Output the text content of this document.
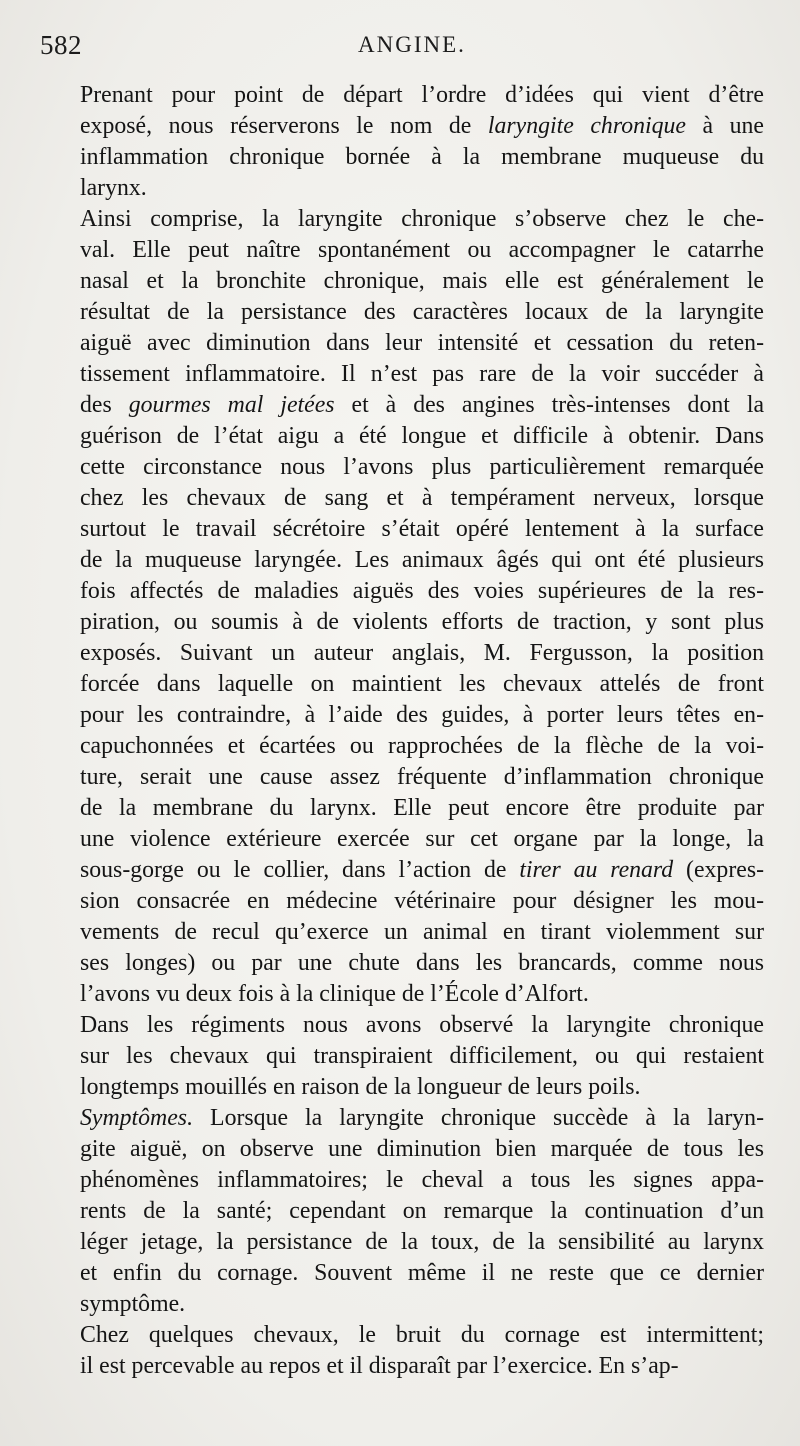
582	ANGINE.
Prenant pour point de départ l’ordre d’idées qui vient d’être
exposé, nous réserverons le nom de laryngite chronique à une
inflammation chronique bornée à la membrane muqueuse du
larynx.
Ainsi comprise, la laryngite chronique s’observe chez le che-
val. Elle peut naître spontanément ou accompagner le catarrhe
nasal et la bronchite chronique, mais elle est généralement le
résultat de la persistance des caractères locaux de la laryngite
aiguë avec diminution dans leur intensité et cessation du reten-
tissement inflammatoire. Il n’est pas rare de la voir succéder à
des gourmes mal jetées et à des angines très-intenses dont la
guérison de l’état aigu a été longue et difficile à obtenir. Dans
cette circonstance nous l’avons plus particulièrement remarquée
chez les chevaux de sang et à tempérament nerveux, lorsque
surtout le travail sécrétoire s’était opéré lentement à la surface
de la muqueuse laryngée. Les animaux âgés qui ont été plusieurs
fois affectés de maladies aiguës des voies supérieures de la res-
piration, ou soumis à de violents efforts de traction, y sont plus
exposés. Suivant un auteur anglais, M. Fergusson, la position
forcée dans laquelle on maintient les chevaux attelés de front
pour les contraindre, à l’aide des guides, à porter leurs têtes en-
capuchonnées et écartées ou rapprochées de la flèche de la voi-
ture, serait une cause assez fréquente d’inflammation chronique
de la membrane du larynx. Elle peut encore être produite par
une violence extérieure exercée sur cet organe par la longe, la
sous-gorge ou le collier, dans l’action de tirer au renard (expres-
sion consacrée en médecine vétérinaire pour désigner les mou-
vements de recul qu’exerce un animal en tirant violemment sur
ses longes) ou par une chute dans les brancards, comme nous
l’avons vu deux fois à la clinique de l’École d’Alfort.
Dans les régiments nous avons observé la laryngite chronique
sur les chevaux qui transpiraient difficilement, ou qui restaient
longtemps mouillés en raison de la longueur de leurs poils.
Symptômes. Lorsque la laryngite chronique succède à la laryn-
gite aiguë, on observe une diminution bien marquée de tous les
phénomènes inflammatoires; le cheval a tous les signes appa-
rents de la santé; cependant on remarque la continuation d’un
léger jetage, la persistance de la toux, de la sensibilité au larynx
et enfin du cornage. Souvent même il ne reste que ce dernier
symptôme.
Chez quelques chevaux, le bruit du cornage est intermittent;
il est percevable au repos et il disparaît par l’exercice. En s’ap-
